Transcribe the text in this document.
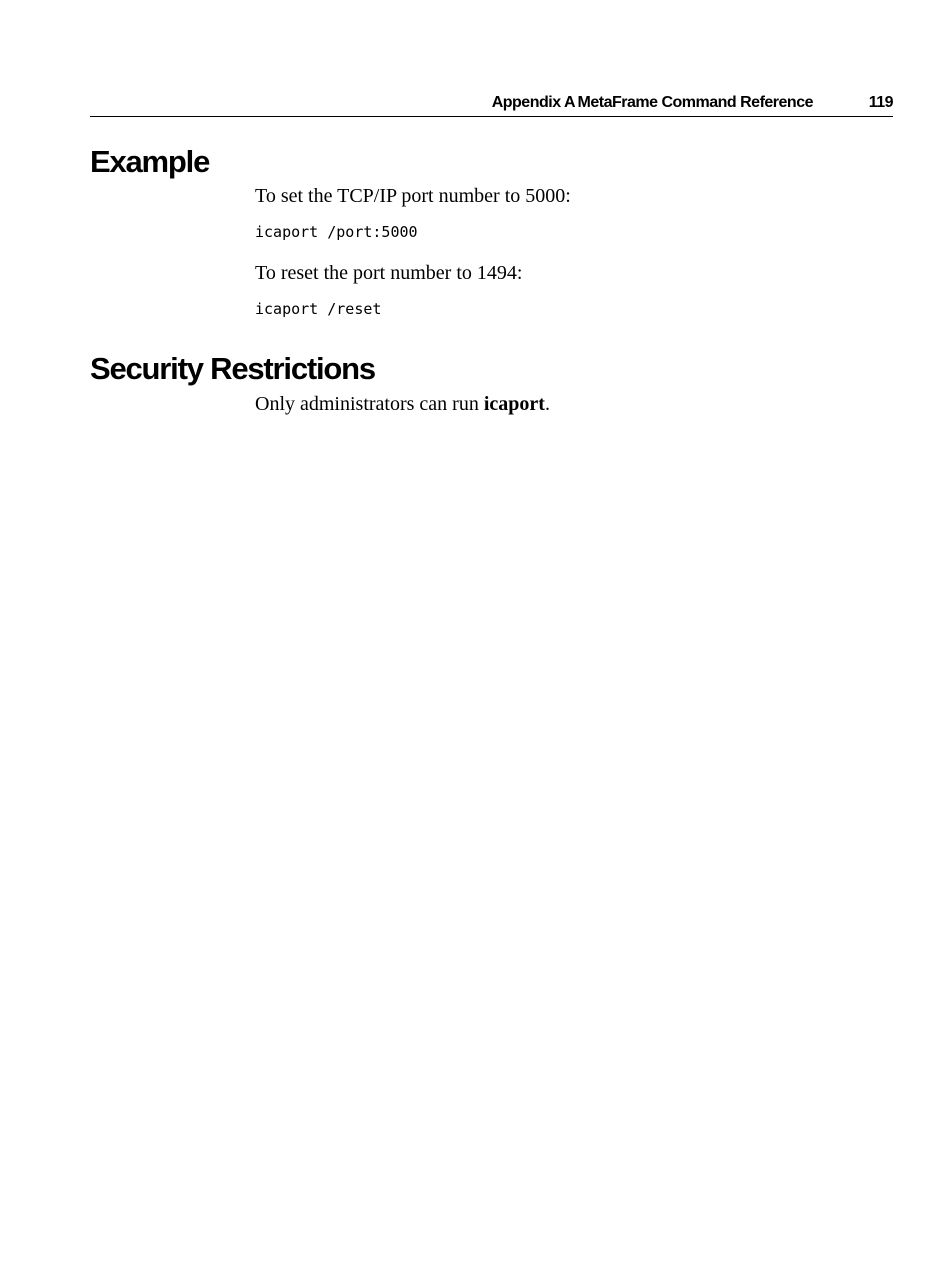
Appendix A MetaFrame Command Reference	119
Example

To set the TCP/IP port number to 5000:

icaport /port:5000

To reset the port number to 1494:

icaport /reset

Security Restrictions

Only administrators can run icaport.
